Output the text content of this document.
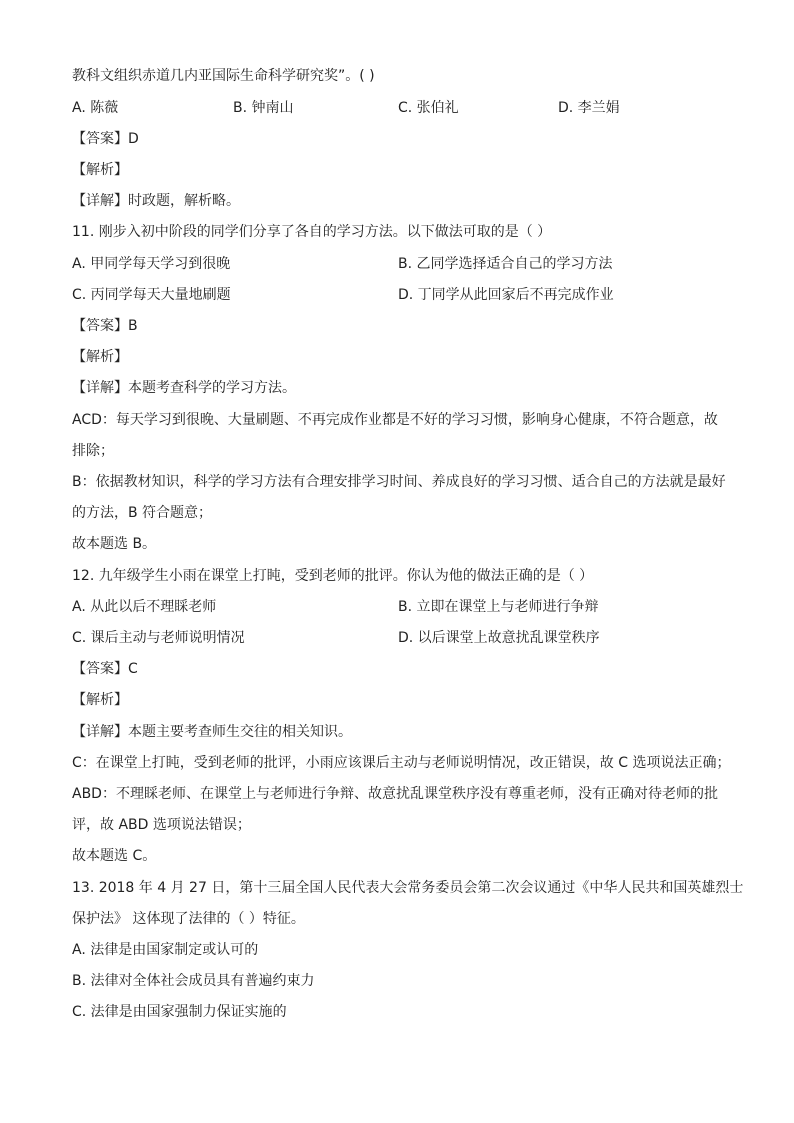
教科文组织赤道几内亚国际生命科学研究奖”。( )
A. 陈薇	B. 钟南山	C. 张伯礼	D. 李兰娟
【答案】D
【解析】
【详解】时政题，解析略。
11. 刚步入初中阶段的同学们分享了各自的学习方法。以下做法可取的是（ ）
A. 甲同学每天学习到很晚	B. 乙同学选择适合自己的学习方法
C. 丙同学每天大量地刷题	D. 丁同学从此回家后不再完成作业
【答案】B
【解析】
【详解】本题考查科学的学习方法。
ACD：每天学习到很晚、大量刷题、不再完成作业都是不好的学习习惯，影响身心健康，不符合题意，故
排除；
B：依据教材知识，科学的学习方法有合理安排学习时间、养成良好的学习习惯、适合自己的方法就是最好
的方法，B 符合题意；
故本题选 B。
12. 九年级学生小雨在课堂上打盹，受到老师的批评。你认为他的做法正确的是（ ）
A. 从此以后不理睬老师	B. 立即在课堂上与老师进行争辩
C. 课后主动与老师说明情况	D. 以后课堂上故意扰乱课堂秩序
【答案】C
【解析】
【详解】本题主要考查师生交往的相关知识。
C：在课堂上打盹，受到老师的批评，小雨应该课后主动与老师说明情况，改正错误，故 C 选项说法正确；
ABD：不理睬老师、在课堂上与老师进行争辩、故意扰乱课堂秩序没有尊重老师，没有正确对待老师的批
评，故 ABD 选项说法错误；
故本题选 C。
13. 2018 年 4 月 27 日，第十三届全国人民代表大会常务委员会第二次会议通过《中华人民共和国英雄烈士
保护法》 这体现了法律的（ ）特征。
A. 法律是由国家制定或认可的
B. 法律对全体社会成员具有普遍约束力
C. 法律是由国家强制力保证实施的
